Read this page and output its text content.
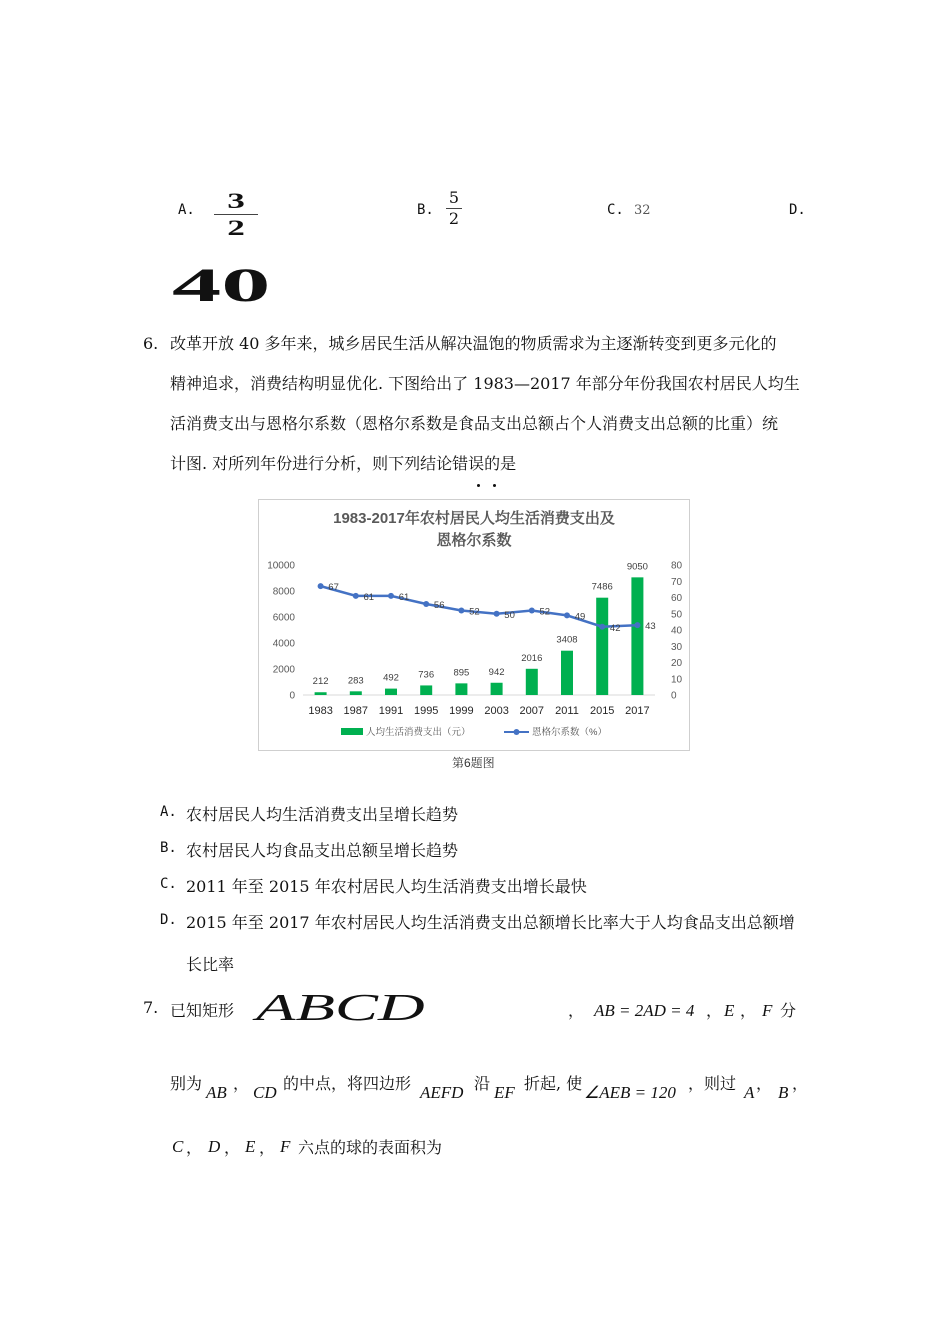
A.	3
2
B.
5
2	C. 32	D.
40
6. 改革开放 40 多年来，城乡居民生活从解决温饱的物质需求为主逐渐转变到更多元化的
精神追求，消费结构明显优化. 下图给出了 1983—2017 年部分年份我国农村居民人均生
活消费支出与恩格尔系数（恩格尔系数是食品支出总额占个人消费支出总额的比重）统
计图. 对所列年份进行分析，则下列结论错误的是
1983-2017年农村居民人均生活消费支出及
恩格尔系数
0
2000
4000
6000
8000
10000
0
10
20
30
40
50
60
70
80
212 283 492 736 895 942
2016
3408
7486
9050
1983 1987 1991 1995 1999 2003 2007 2011 2015 2017
67
61	61
56
52	50	52	49
42	43
人均生活消费支出（元）	恩格尔系数（%）
第6题图
A. 农村居民人均生活消费支出呈增长趋势
B. 农村居民人均食品支出总额呈增长趋势
C. 2011 年至 2015 年农村居民人均生活消费支出增长最快
D. 2015 年至 2017 年农村居民人均生活消费支出总额增长比率大于人均食品支出总额增
长比率
7. 已知矩形 ABCD	， AB = 2AD = 4 ， E ， F 分
别为 AB ， CD 的中点，将四边形 AEFD 沿 EF 折起, 使 ∠AEB = 120 ，则过 A ， B ，
C ， D ， E ， F 六点的球的表面积为
